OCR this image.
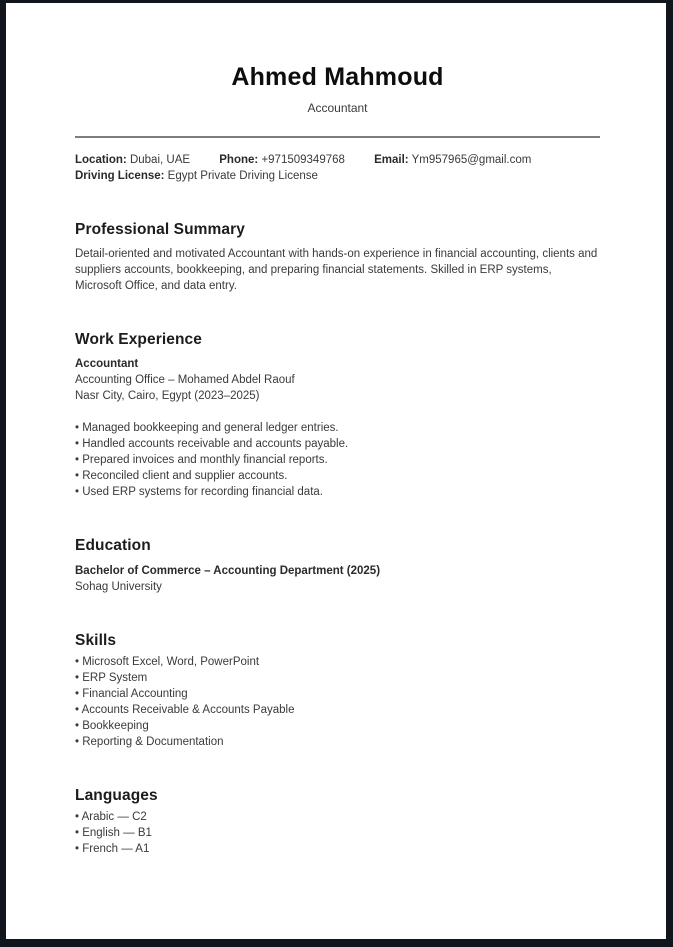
Ahmed Mahmoud
Accountant
Location: Dubai, UAE	Phone: +971509349768	Email: Ym957965@gmail.com
Driving License: Egypt Private Driving License
Professional Summary
Detail-oriented and motivated Accountant with hands-on experience in financial accounting, clients and suppliers accounts, bookkeeping, and preparing financial statements. Skilled in ERP systems, Microsoft Office, and data entry.
Work Experience
Accountant
Accounting Office – Mohamed Abdel Raouf
Nasr City, Cairo, Egypt (2023–2025)
• Managed bookkeeping and general ledger entries.
• Handled accounts receivable and accounts payable.
• Prepared invoices and monthly financial reports.
• Reconciled client and supplier accounts.
• Used ERP systems for recording financial data.
Education
Bachelor of Commerce – Accounting Department (2025)
Sohag University
Skills
• Microsoft Excel, Word, PowerPoint
• ERP System
• Financial Accounting
• Accounts Receivable & Accounts Payable
• Bookkeeping
• Reporting & Documentation
Languages
• Arabic — C2
• English — B1
• French — A1
